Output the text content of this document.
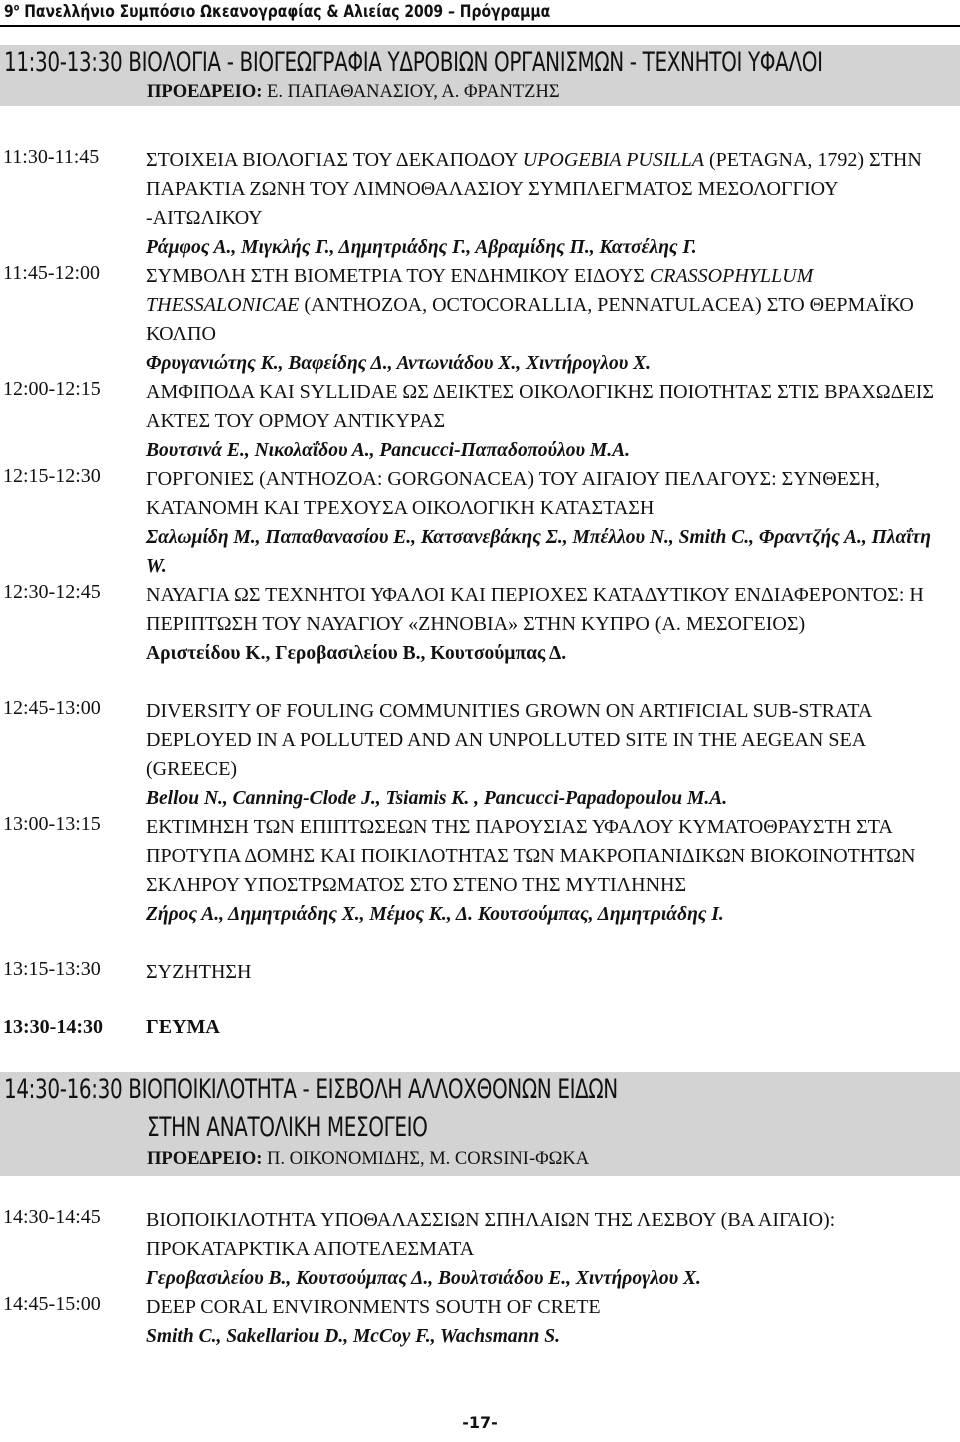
$9^o$ Πανελλήνιο Συμπόσιο Ωκεανογραφίας & Αλιείας 2009 – Πρόγραμμα

11:30-13:30 ΒΙΟΛΟΓΙΑ - ΒΙΟΓΕΩΓΡΑΦΙΑ ΥΔΡΟΒΙΩΝ ΟΡΓΑΝΙΣΜΩΝ - ΤΕΧΝΗΤΟΙ ΥΦΑΛΟΙ

ΠΡΟΕΔΡΕΙΟ: Ε. ΠΑΠΑΘΑΝΑΣΙΟΥ, Α. ΦΡΑΝΤΖΗΣ

11:30-11:45 ΣΤΟΙΧΕΙΑ ΒΙΟΛΟΓΙΑΣ ΤΟΥ ΔΕΚΑΠΟΔΟΥ UPOGEBIA PUSILLA (PETAGNA, 1792) ΣΤΗΝ ΠΑΡΑΚΤΙΑ ΖΩΝΗ ΤΟΥ ΛΙΜΝΟΘΑΛΑΣΙΟΥ ΣΥΜΠΛΕΓΜΑΤΟΣ ΜΕΣΟΛΟΓΓΙΟΥ -ΑΙΤΩΛΙΚΟΥ

Ράμφος Α., Μιγκλής Γ., Δημητριάδης Γ., Αβραμίδης Π., Κατσέλης Γ.

11:45-12:00 ΣΥΜΒΟΛΗ ΣΤΗ ΒΙΟΜΕΤΡΙΑ ΤΟΥ ΕΝΔΗΜΙΚΟΥ ΕΙΔΟΥΣ CRASSOPHYLLUM THESSALONICAE (ANTHOZOA, OCTOCORALLIA, PENNATULACEA) ΣΤΟ ΘΕΡΜΑΪΚΟ ΚΟΛΠΟ

Φρυγανιώτης Κ., Βαφείδης Δ., Αντωνιάδου Χ., Χιντήρογλου Χ.

12:00-12:15 ΑΜΦΙΠΟΔΑ ΚΑΙ SYLLIDAE ΩΣ ΔΕΙΚΤΕΣ ΟΙΚΟΛΟΓΙΚΗΣ ΠΟΙΟΤΗΤΑΣ ΣΤΙΣ ΒΡΑΧΩΔΕΙΣ ΑΚΤΕΣ ΤΟΥ ΟΡΜΟΥ ΑΝΤΙΚΥΡΑΣ

Βουτσινά Ε., Νικολαΐδου Α., Pancucci-Παπαδοπούλου Μ.Α.

12:15-12:30 ΓΟΡΓΟΝΙΕΣ (ANTHOZOA: GORGONACEA) ΤΟΥ ΑΙΓΑΙΟΥ ΠΕΛΑΓΟΥΣ: ΣΥΝΘΕΣΗ, ΚΑΤΑΝΟΜΗ ΚΑΙ ΤΡΕΧΟΥΣΑ ΟΙΚΟΛΟΓΙΚΗ ΚΑΤΑΣΤΑΣΗ

Σαλωμίδη Μ., Παπαθανασίου Ε., Κατσανεβάκης Σ., Μπέλλου Ν., Smith C., Φραντζής Α., Πλαΐτη W.

12:30-12:45 ΝΑΥΑΓΙΑ ΩΣ ΤΕΧΝΗΤΟΙ ΥΦΑΛΟΙ ΚΑΙ ΠΕΡΙΟΧΕΣ ΚΑΤΑΔΥΤΙΚΟΥ ΕΝΔΙΑΦΕΡΟΝΤΟΣ: Η ΠΕΡΙΠΤΩΣΗ ΤΟΥ ΝΑΥΑΓΙΟΥ «ΖΗΝΟΒΙΑ» ΣΤΗΝ ΚΥΠΡΟ (Α. ΜΕΣΟΓΕΙΟΣ)

Αριστείδου Κ., Γεροβασιλείου Β., Κουτσούμπας Δ.

12:45-13:00 DIVERSITY OF FOULING COMMUNITIES GROWN ON ARTIFICIAL SUB-STRATA DEPLOYED IN A POLLUTED AND AN UNPOLLUTED SITE IN THE AEGEAN SEA (GREECE)

Bellou N., Canning-Clode J., Tsiamis K. , Pancucci-Papadopoulou M.A.

13:00-13:15 ΕΚΤΙΜΗΣΗ ΤΩΝ ΕΠΙΠΤΩΣΕΩΝ ΤΗΣ ΠΑΡΟΥΣΙΑΣ ΥΦΑΛΟΥ ΚΥΜΑΤΟΘΡΑΥΣΤΗ ΣΤΑ ΠΡΟΤΥΠΑ ΔΟΜΗΣ ΚΑΙ ΠΟΙΚΙΛΟΤΗΤΑΣ ΤΩΝ ΜΑΚΡΟΠΑΝΙΔΙΚΩΝ ΒΙΟΚΟΙΝΟΤΗΤΩΝ ΣΚΛΗΡΟΥ ΥΠΟΣΤΡΩΜΑΤΟΣ ΣΤΟ ΣΤΕΝΟ ΤΗΣ ΜΥΤΙΛΗΝΗΣ

Ζήρος Α., Δημητριάδης Χ., Μέμος Κ., Δ. Κουτσούμπας, Δημητριάδης Ι.

13:15-13:30 ΣΥΖΗΤΗΣΗ

13:30-14:30 ΓΕΥΜΑ

14:30-16:30 ΒΙΟΠΟΙΚΙΛΟΤΗΤΑ - ΕΙΣΒΟΛΗ ΑΛΛΟΧΘΟΝΩΝ ΕΙΔΩΝ

ΣΤΗΝ ΑΝΑΤΟΛΙΚΗ ΜΕΣΟΓΕΙΟ

ΠΡΟΕΔΡΕΙΟ: Π. ΟΙΚΟΝΟΜΙΔΗΣ, Μ. CORSINI-ΦΩΚΑ

14:30-14:45 ΒΙΟΠΟΙΚΙΛΟΤΗΤΑ ΥΠΟΘΑΛΑΣΣΙΩΝ ΣΠΗΛΑΙΩΝ ΤΗΣ ΛΕΣΒΟΥ (ΒΑ ΑΙΓΑΙΟ): ΠΡΟΚΑΤΑΡΚΤΙΚΑ ΑΠΟΤΕΛΕΣΜΑΤΑ

Γεροβασιλείου Β., Κουτσούμπας Δ., Βουλτσιάδου Ε., Χιντήρογλου Χ.

14:45-15:00 DEEP CORAL ENVIRONMENTS SOUTH OF CRETE

Smith C., Sakellariou D., McCoy F., Wachsmann S.

-17-
